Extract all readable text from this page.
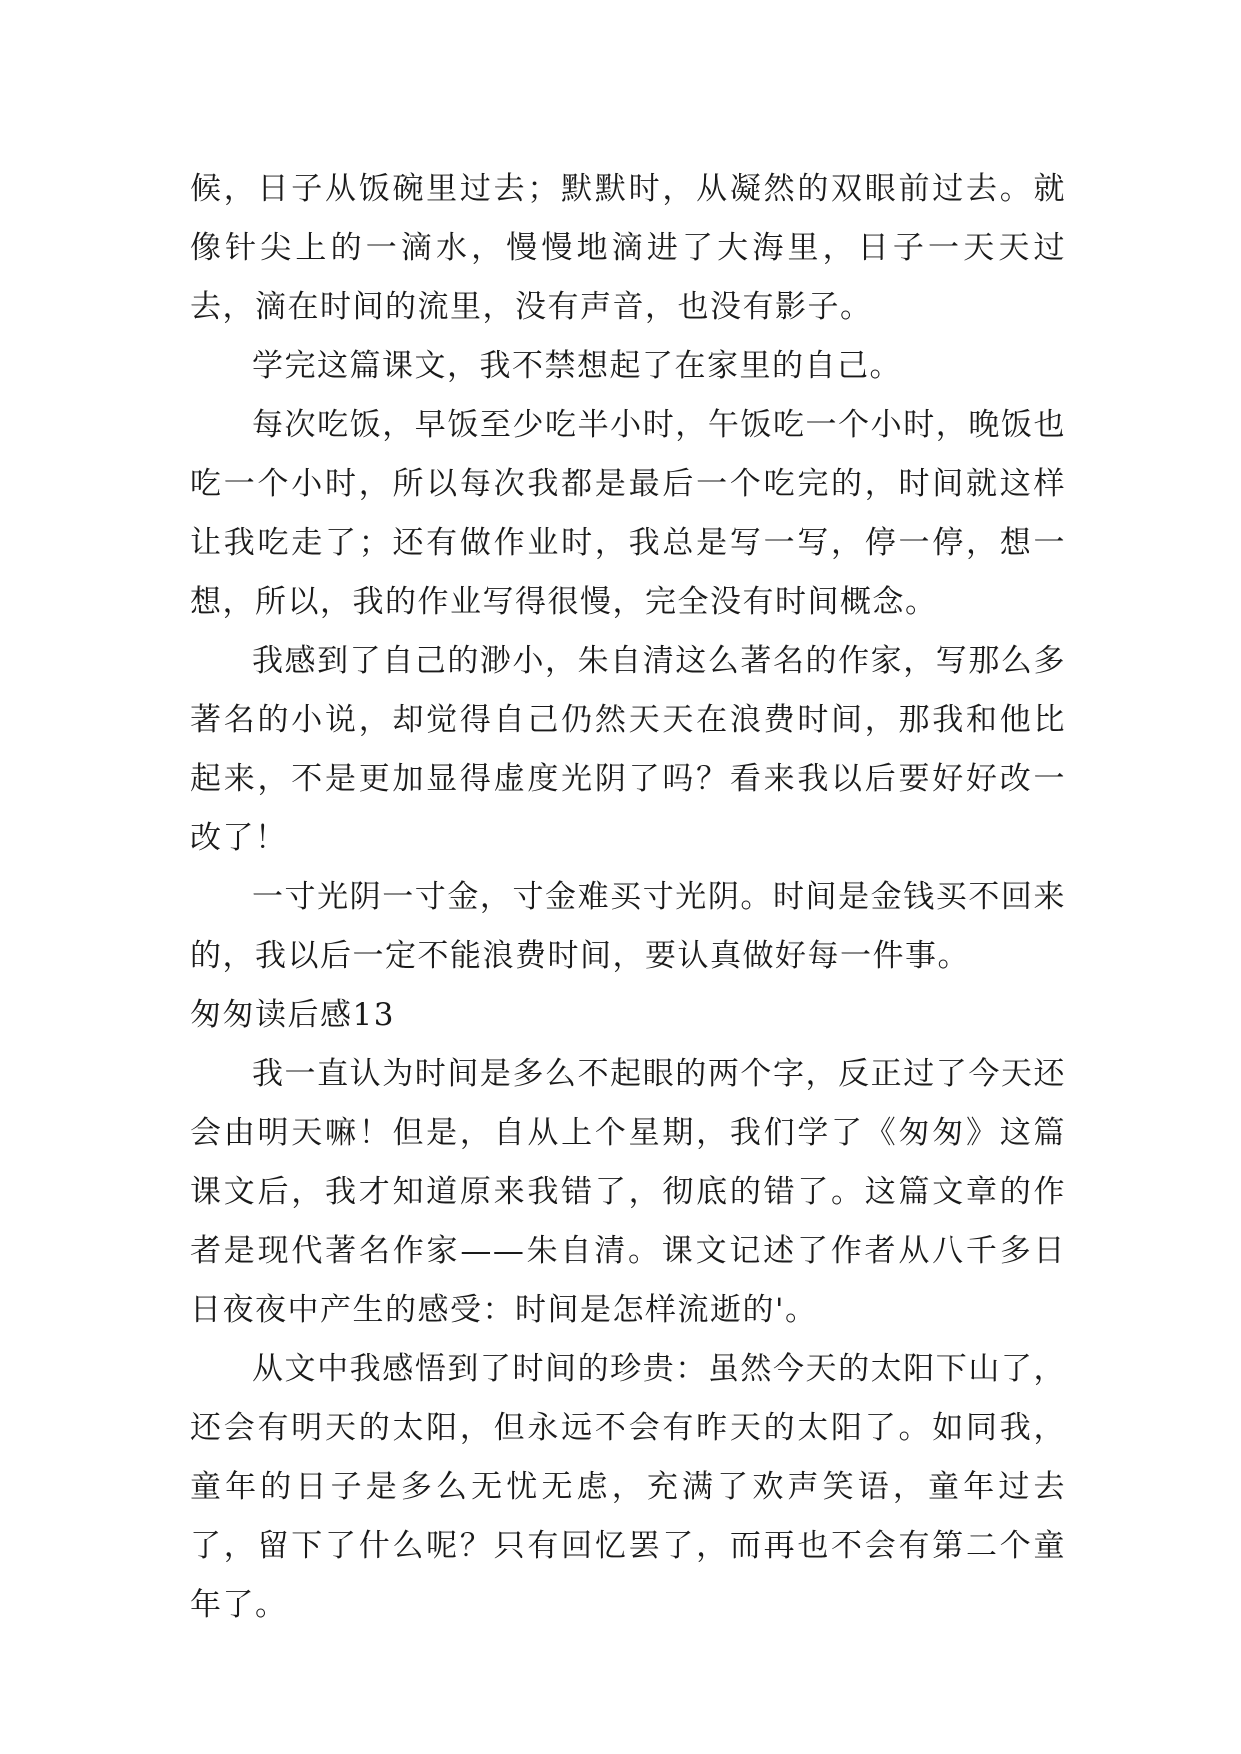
候，日子从饭碗里过去；默默时，从凝然的双眼前过去。就像针尖上的一滴水，慢慢地滴进了大海里，日子一天天过去，滴在时间的流里，没有声音，也没有影子。

学完这篇课文，我不禁想起了在家里的自己。

每次吃饭，早饭至少吃半小时，午饭吃一个小时，晚饭也吃一个小时，所以每次我都是最后一个吃完的，时间就这样让我吃走了；还有做作业时，我总是写一写，停一停，想一想，所以，我的作业写得很慢，完全没有时间概念。

我感到了自己的渺小，朱自清这么著名的作家，写那么多著名的小说，却觉得自己仍然天天在浪费时间，那我和他比起来，不是更加显得虚度光阴了吗？看来我以后要好好改一改了！

一寸光阴一寸金，寸金难买寸光阴。时间是金钱买不回来的，我以后一定不能浪费时间，要认真做好每一件事。

匆匆读后感13

我一直认为时间是多么不起眼的两个字，反正过了今天还会由明天嘛！但是，自从上个星期，我们学了《匆匆》这篇课文后，我才知道原来我错了，彻底的错了。这篇文章的作者是现代著名作家——朱自清。课文记述了作者从八千多日日夜夜中产生的感受：时间是怎样流逝的'。

从文中我感悟到了时间的珍贵：虽然今天的太阳下山了，还会有明天的太阳，但永远不会有昨天的太阳了。如同我，童年的日子是多么无忧无虑，充满了欢声笑语，童年过去了，留下了什么呢？只有回忆罢了，而再也不会有第二个童年了。
